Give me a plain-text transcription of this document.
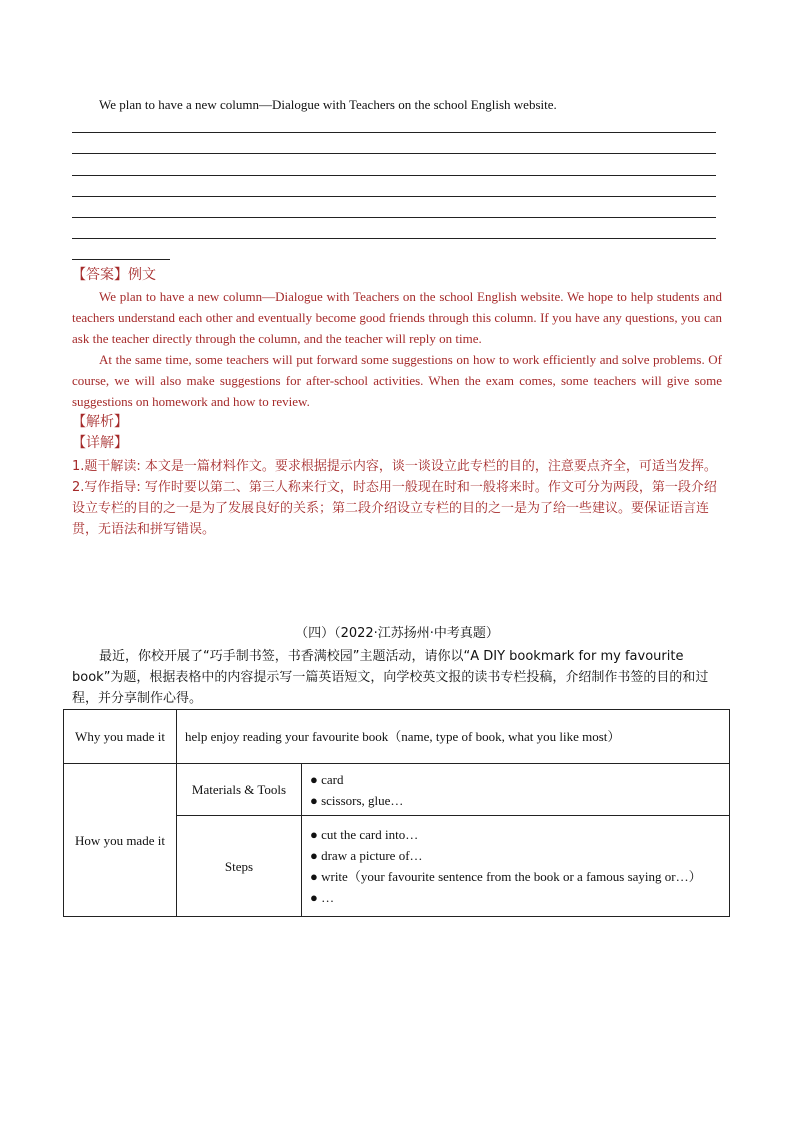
We plan to have a new column—Dialogue with Teachers on the school English website.
【答案】例文

We plan to have a new column—Dialogue with Teachers on the school English website. We hope to help students and teachers understand each other and eventually become good friends through this column. If you have any questions, you can ask the teacher directly through the column, and the teacher will reply on time.

At the same time, some teachers will put forward some suggestions on how to work efficiently and solve problems. Of course, we will also make suggestions for after-school activities. When the exam comes, some teachers will give some suggestions on homework and how to review.

【解析】
【详解】

1.题干解读: 本文是一篇材料作文。要求根据提示内容，谈一谈设立此专栏的目的，注意要点齐全，可适当发挥。

2.写作指导: 写作时要以第二、第三人称来行文，时态用一般现在时和一般将来时。作文可分为两段，第一段介绍设立专栏的目的之一是为了发展良好的关系；第二段介绍设立专栏的目的之一是为了给一些建议。要保证语言连贯，无语法和拼写错误。

（四）（2022·江苏扬州·中考真题）

最近，你校开展了“巧手制书签，书香满校园”主题活动，请你以“A DIY bookmark for my favourite book”为题，根据表格中的内容提示写一篇英语短文，向学校英文报的读书专栏投稿，介绍制作书签的目的和过程，并分享制作心得。

Why you made it	help enjoy reading your favourite book（name, type of book, what you like most）	
How you made it	Materials & Tools	● card
● scissors, glue…

	Steps	● cut the card into…
● draw a picture of…
● write（your favourite sentence from the book or a famous saying or…）
● …
